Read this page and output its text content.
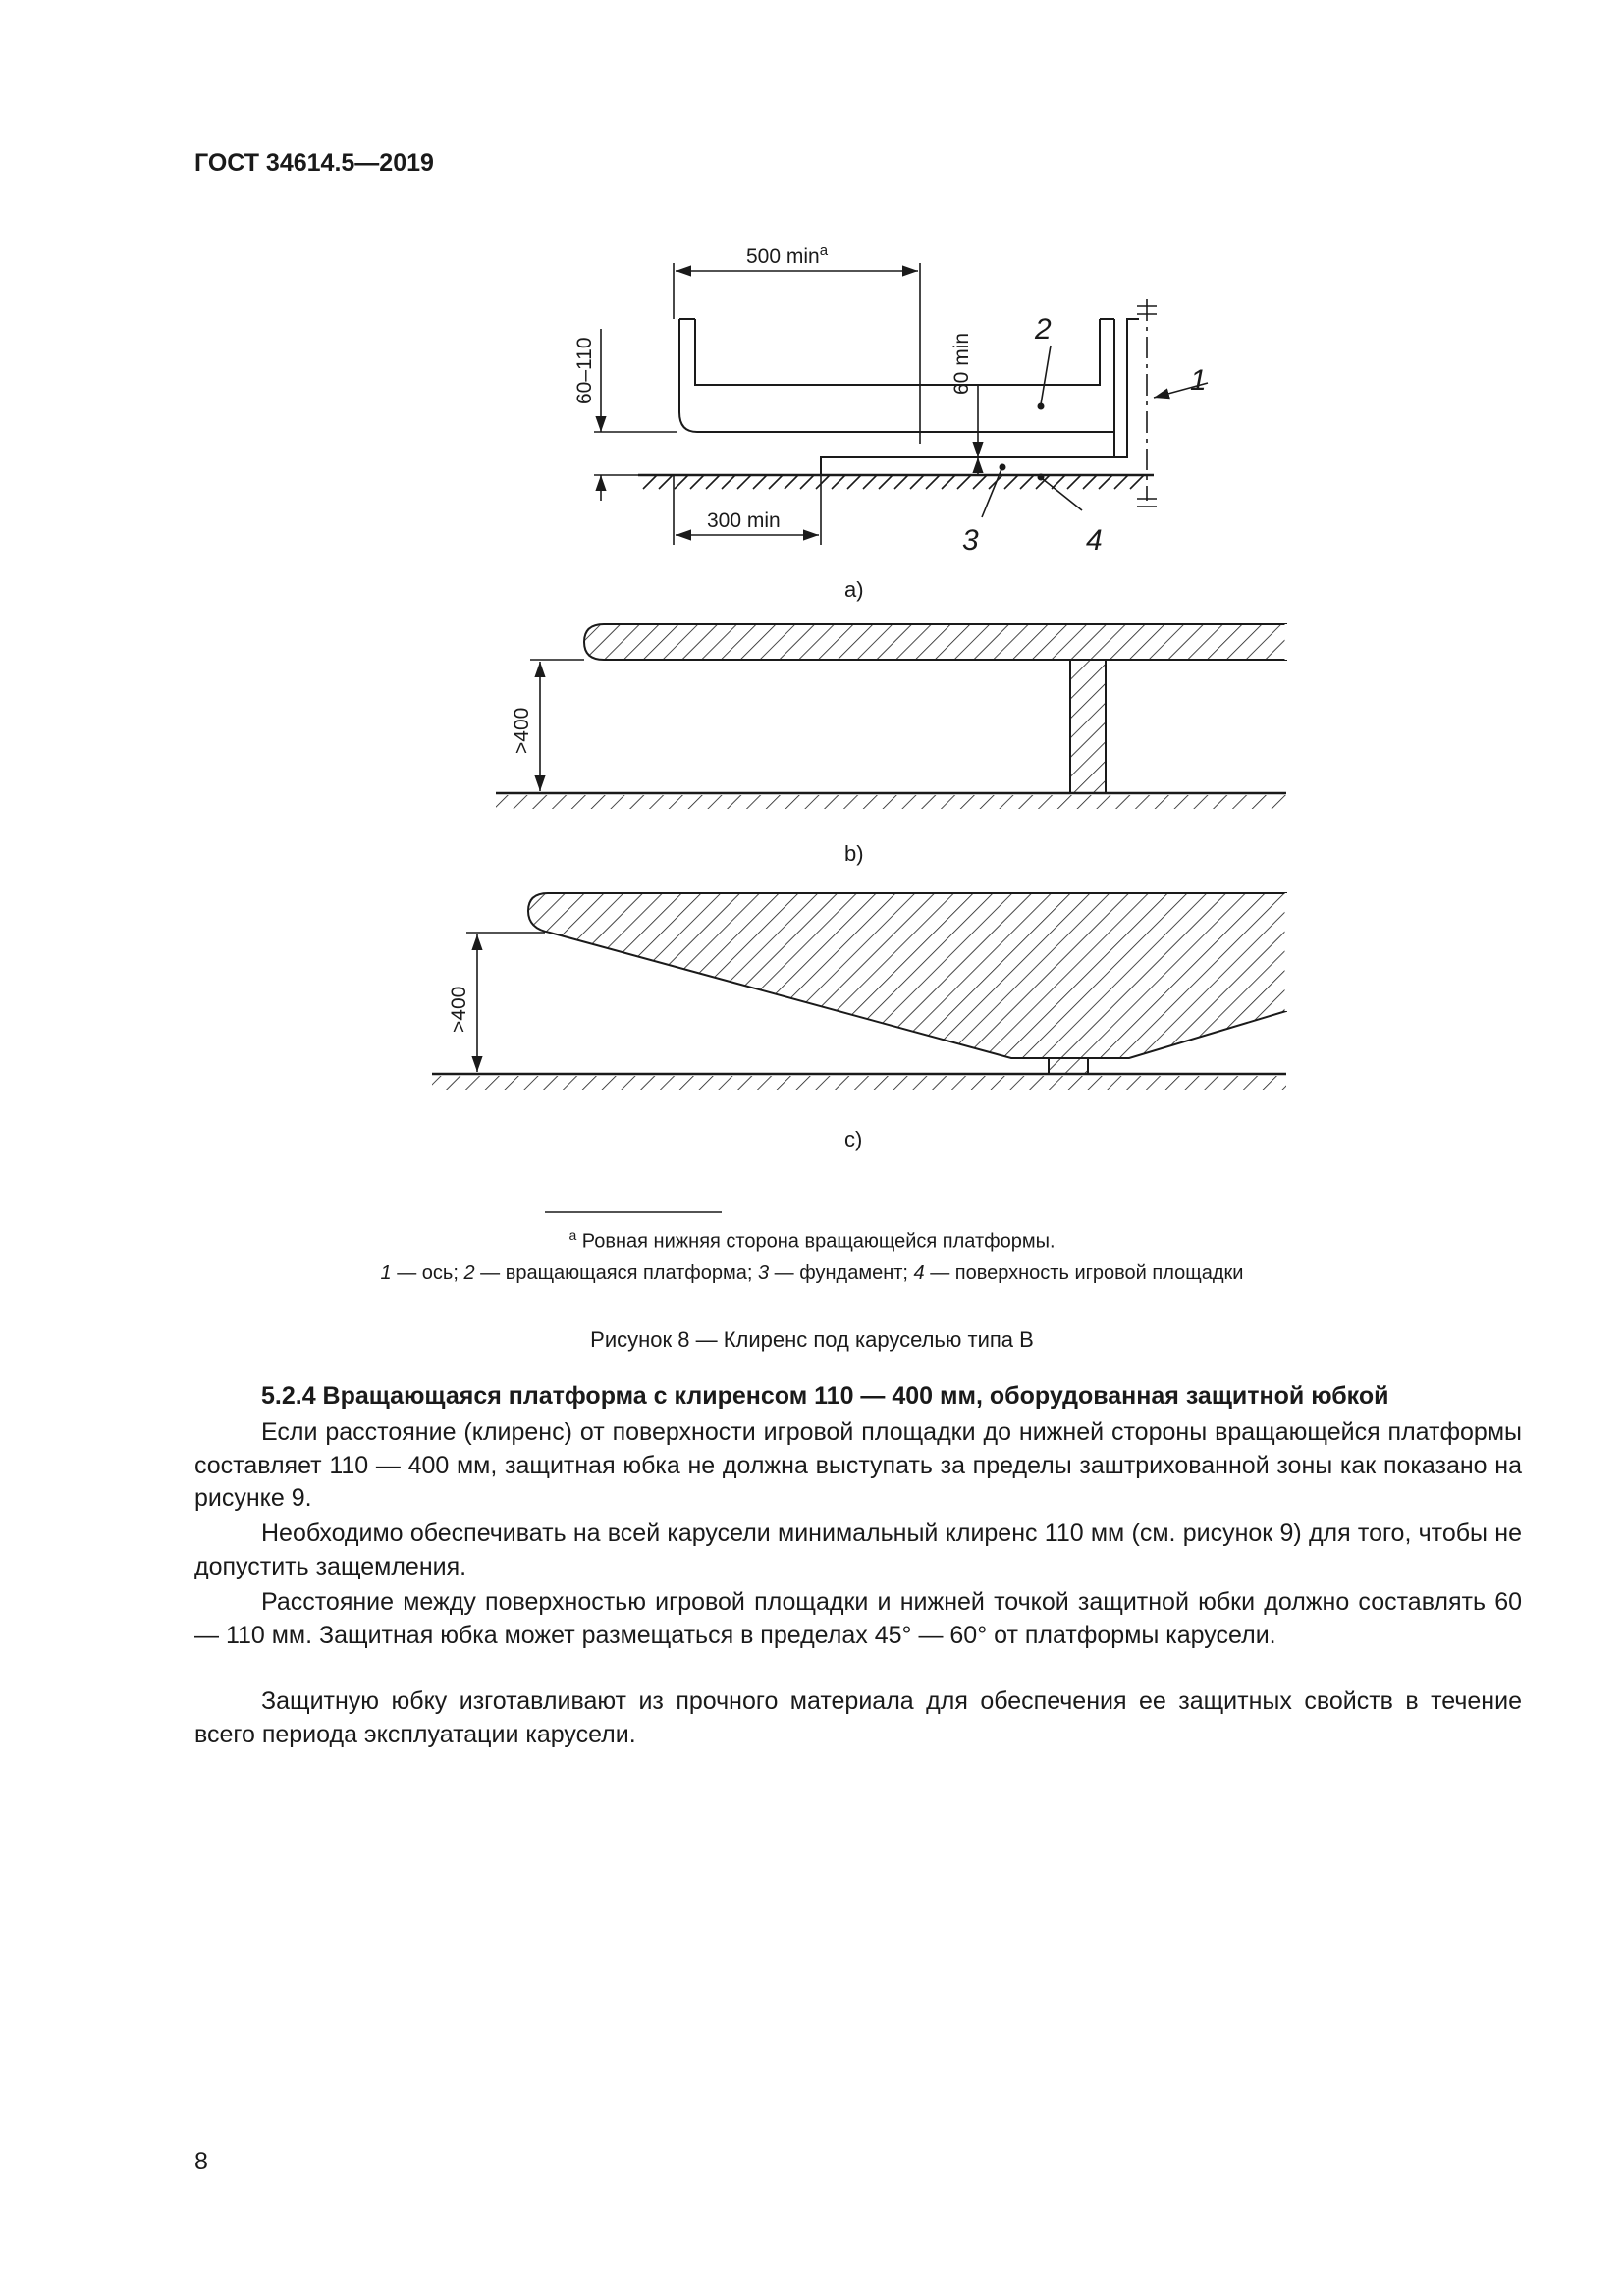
ГОСТ 34614.5—2019
500 $\min^a$
60–110	60 min
300 min
1
2
3	4
a)
>400
b)
>400
c)
$^a$ Ровная нижняя сторона вращающейся платформы.
1 — ось; 2 — вращающаяся платформа; 3 — фундамент; 4 — поверхность игровой площадки
Рисунок 8 — Клиренс под каруселью типа B
5.2.4 Вращающаяся платформа с клиренсом 110 — 400 мм, оборудованная защитной юбкой

Если расстояние (клиренс) от поверхности игровой площадки до нижней стороны вращающейся платформы составляет 110 — 400 мм, защитная юбка не должна выступать за пределы заштрихованной зоны как показано на рисунке 9.

Необходимо обеспечивать на всей карусели минимальный клиренс 110 мм (см. рисунок 9) для того, чтобы не допустить защемления.

Расстояние между поверхностью игровой площадки и нижней точкой защитной юбки должно составлять 60 — 110 мм. Защитная юбка может размещаться в пределах 45° — 60° от платформы карусели.

Защитную юбку изготавливают из прочного материала для обеспечения ее защитных свойств в течение всего периода эксплуатации карусели.

8
